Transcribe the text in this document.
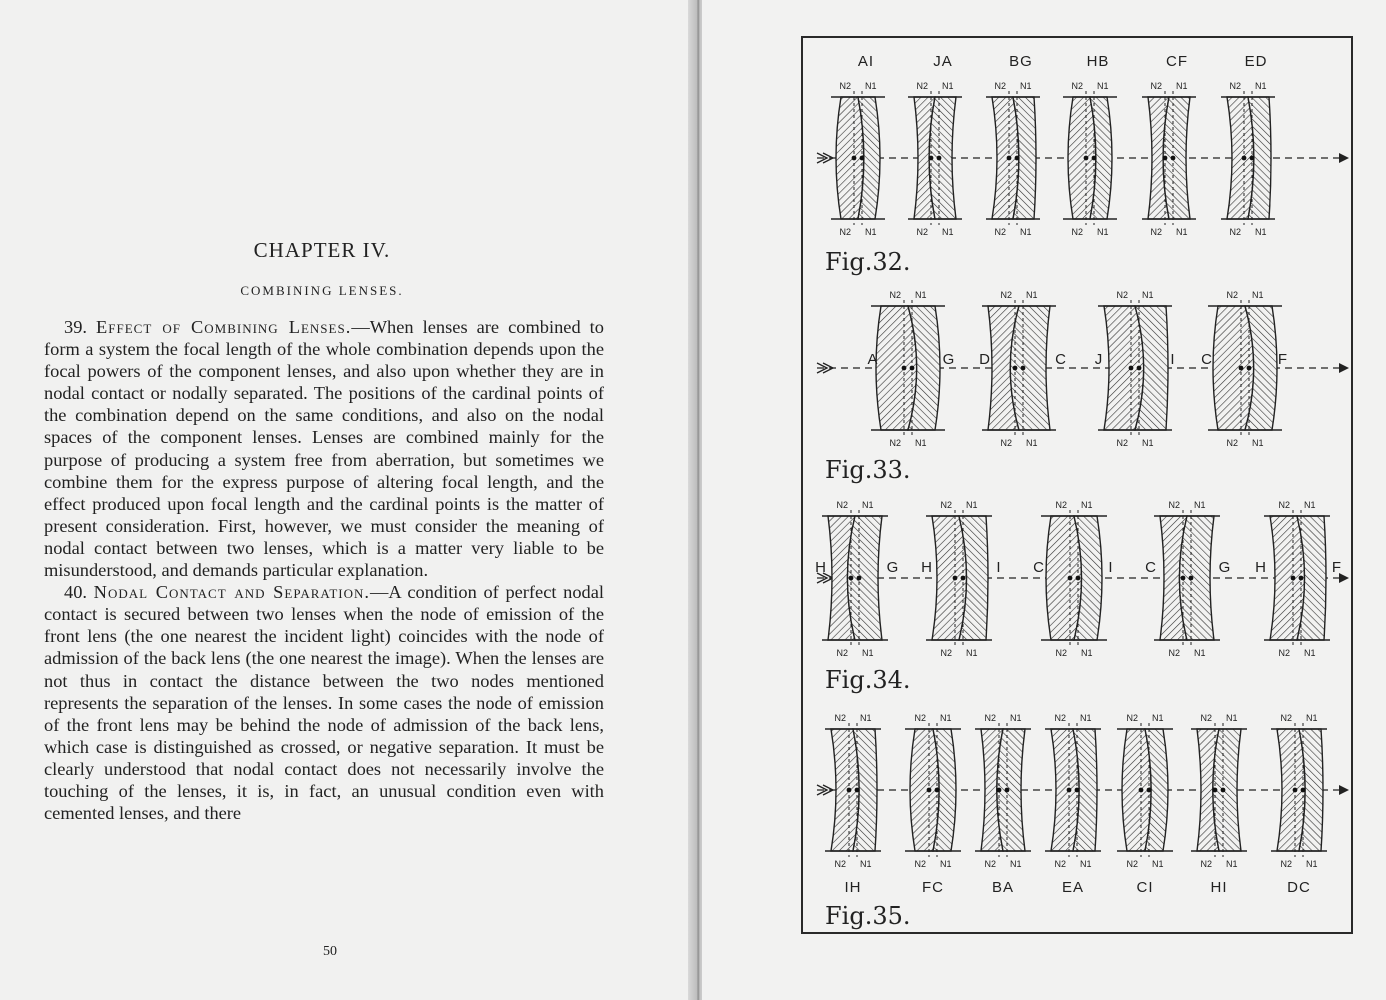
CHAPTER IV.
COMBINING LENSES.

39. Effect of Combining Lenses.—When lenses are combined to form a system the focal length of the whole combination depends upon the focal powers of the component lenses, and also upon whether they are in nodal contact or nodally separated. The positions of the cardinal points of the combination depend on the same conditions, and also on the nodal spaces of the component lenses. Lenses are combined mainly for the purpose of producing a system free from aberration, but sometimes we combine them for the express purpose of altering focal length, and the effect produced upon focal length and the cardinal points is the matter of present consideration. First, however, we must consider the meaning of nodal contact between two lenses, which is a matter very liable to be misunderstood, and demands particular explanation.

40. Nodal Contact and Separation.—A condition of perfect nodal contact is secured between two lenses when the node of emission of the front lens (the one nearest the incident light) coincides with the node of admission of the back lens (the one nearest the image). When the lenses are not thus in contact the distance between the two nodes mentioned represents the separation of the lenses. In some cases the node of emission of the front lens may be behind the node of admission of the back lens, which case is distinguished as crossed, or negative separation. It must be clearly understood that nodal contact does not necessarily involve the touching of the lenses, it is, in fact, an unusual condition even with cemented lenses, and there

50
N2 N1
N2 N1
AI
N2 N1
N2 N1
JA
N2 N1
N2 N1
BG
N2 N1
N2 N1
HB
N2 N1
N2 N1
CF
N2 N1
N2 N1
ED
Fig.32.
N2 N1
N2 N1
N2 N1
N2 N1
N2 N1
N2 N1
N2 N1
N2 N1
A	G D	C J	I C	F
Fig.33.
N2 N1
N2 N1
N2 N1
N2 N1
N2 N1
N2 N1
N2 N1
N2 N1
N2 N1
N2 N1
H	G H	I C	I C	G H	F
Fig.34.
N2 N1
N2 N1
IH
N2 N1
N2 N1
FC
N2 N1
N2 N1
BA
N2 N1
N2 N1
EA
N2 N1
N2 N1
CI
N2 N1
N2 N1
HI
N2 N1
N2 N1
DC
Fig.35.
